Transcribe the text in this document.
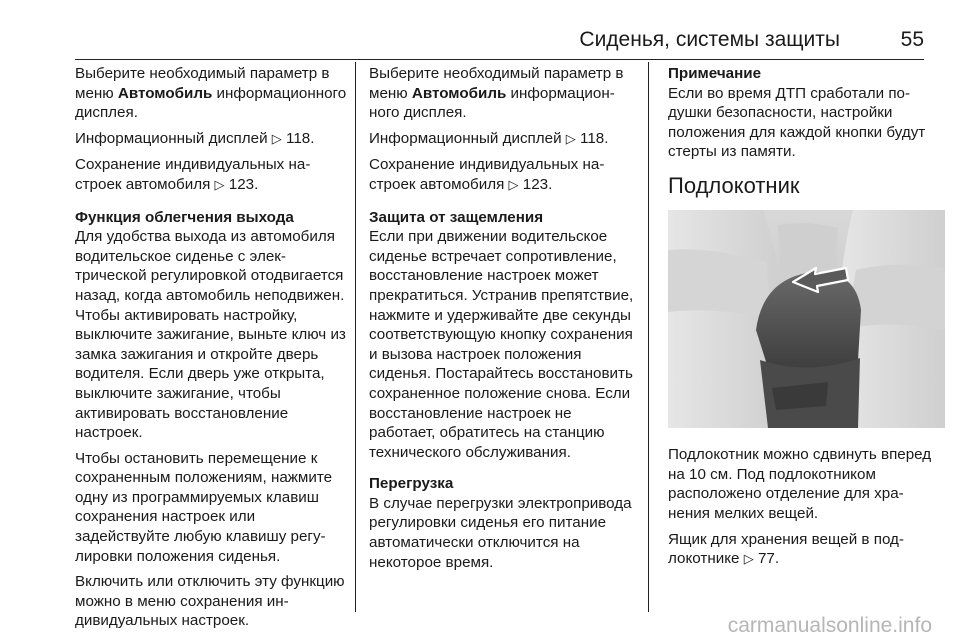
Сиденья, системы защиты	55

Выберите необходимый параметр в меню Автомобиль информационного дисплея.

Информационный дисплей ▷ 118.

Сохранение индивидуальных настроек автомобиля ▷ 123.

Функция облегчения выхода

Для удобства выхода из автомобиля водительское сиденье с электрической регулировкой отодвигается назад, когда автомобиль неподвижен. Чтобы активировать настройку, выключите зажигание, выньте ключ из замка зажигания и откройте дверь водителя. Если дверь уже открыта, выключите зажигание, чтобы активировать восстановление настроек.

Чтобы остановить перемещение к сохраненным положениям, нажмите одну из программируемых клавиш сохранения настроек или задействуйте любую клавишу регулировки положения сиденья.

Включить или отключить эту функцию можно в меню сохранения индивидуальных настроек.

Выберите необходимый параметр в меню Автомобиль информационного дисплея.

Информационный дисплей ▷ 118.

Сохранение индивидуальных настроек автомобиля ▷ 123.

Защита от защемления

Если при движении водительское сиденье встречает сопротивление, восстановление настроек может прекратиться. Устранив препятствие, нажмите и удерживайте две секунды соответствующую кнопку сохранения и вызова настроек положения сиденья. Постарайтесь восстановить сохраненное положение снова. Если восстановление настроек не работает, обратитесь на станцию технического обслуживания.

Перегрузка

В случае перегрузки электропривода регулировки сиденья его питание автоматически отключится на некоторое время.

Примечание

Если во время ДТП сработали подушки безопасности, настройки положения для каждой кнопки будут стерты из памяти.

Подлокотник

Подлокотник можно сдвинуть вперед на 10 см. Под подлокотником расположено отделение для хранения мелких вещей.

Ящик для хранения вещей в подлокотнике ▷ 77.

carmanualsonline.info
